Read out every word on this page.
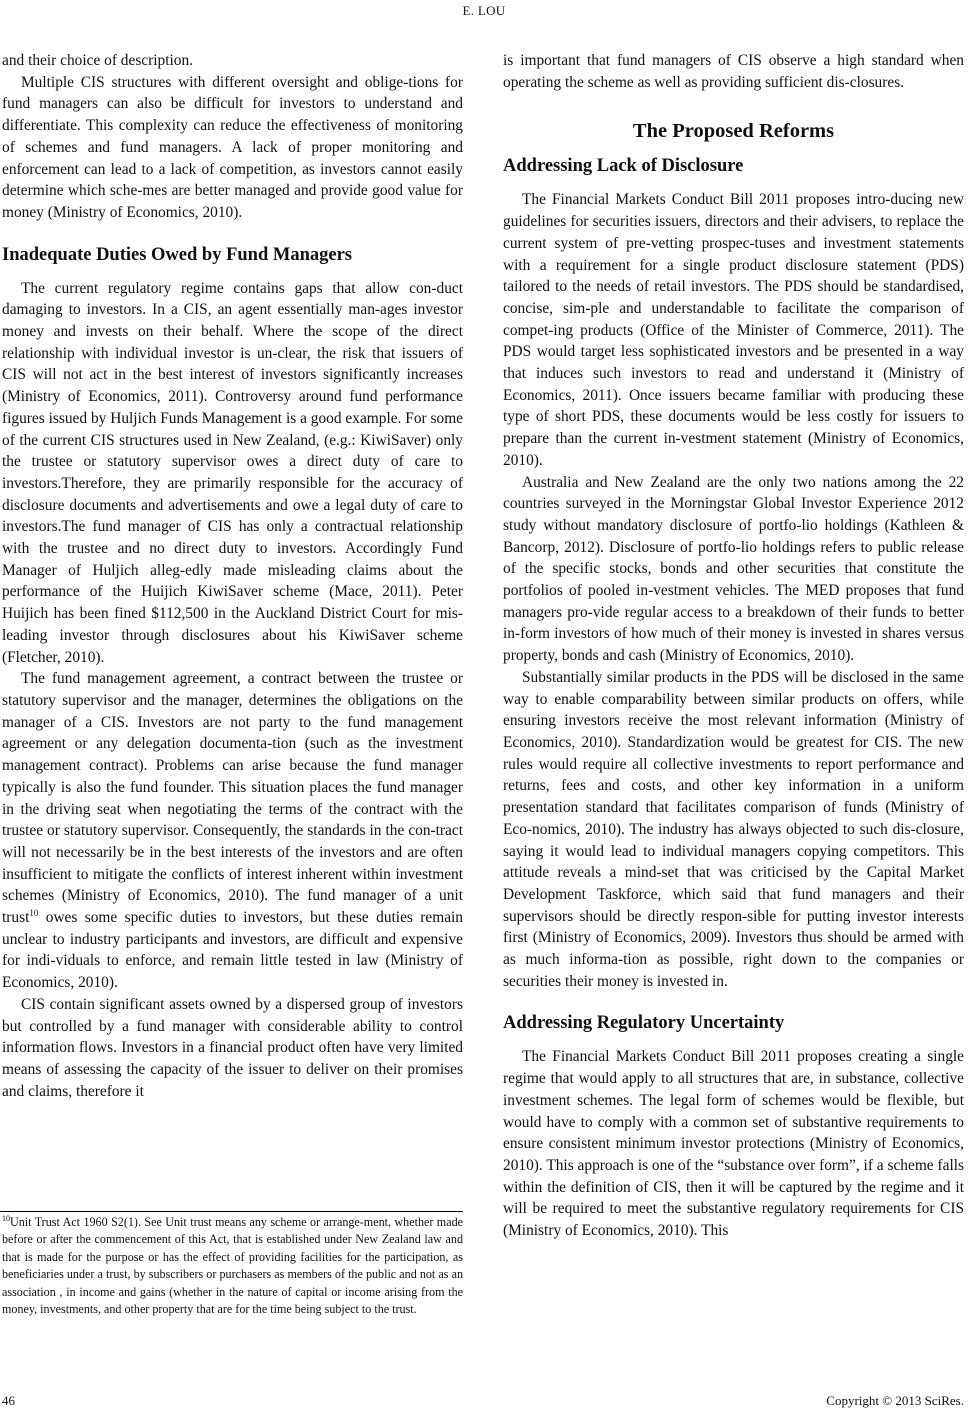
E. LOU

and their choice of description.

Multiple CIS structures with different oversight and oblige-tions for fund managers can also be difficult for investors to understand and differentiate. This complexity can reduce the effectiveness of monitoring of schemes and fund managers. A lack of proper monitoring and enforcement can lead to a lack of competition, as investors cannot easily determine which sche-mes are better managed and provide good value for money (Ministry of Economics, 2010).

Inadequate Duties Owed by Fund Managers

The current regulatory regime contains gaps that allow con-duct damaging to investors. In a CIS, an agent essentially man-ages investor money and invests on their behalf. Where the scope of the direct relationship with individual investor is un-clear, the risk that issuers of CIS will not act in the best interest of investors significantly increases (Ministry of Economics, 2011). Controversy around fund performance figures issued by Huljich Funds Management is a good example. For some of the current CIS structures used in New Zealand, (e.g.: KiwiSaver) only the trustee or statutory supervisor owes a direct duty of care to investors.Therefore, they are primarily responsible for the accuracy of disclosure documents and advertisements and owe a legal duty of care to investors.The fund manager of CIS has only a contractual relationship with the trustee and no direct duty to investors. Accordingly Fund Manager of Huljich alleg-edly made misleading claims about the performance of the Huijich KiwiSaver scheme (Mace, 2011). Peter Huijich has been fined $112,500 in the Auckland District Court for mis-leading investor through disclosures about his KiwiSaver scheme (Fletcher, 2010).

The fund management agreement, a contract between the trustee or statutory supervisor and the manager, determines the obligations on the manager of a CIS. Investors are not party to the fund management agreement or any delegation documenta-tion (such as the investment management contract). Problems can arise because the fund manager typically is also the fund founder. This situation places the fund manager in the driving seat when negotiating the terms of the contract with the trustee or statutory supervisor. Consequently, the standards in the con-tract will not necessarily be in the best interests of the investors and are often insufficient to mitigate the conflicts of interest inherent within investment schemes (Ministry of Economics, 2010). The fund manager of a unit trust$^{10}$ owes some specific duties to investors, but these duties remain unclear to industry participants and investors, are difficult and expensive for indi-viduals to enforce, and remain little tested in law (Ministry of Economics, 2010).

CIS contain significant assets owned by a dispersed group of investors but controlled by a fund manager with considerable ability to control information flows. Investors in a financial product often have very limited means of assessing the capacity of the issuer to deliver on their promises and claims, therefore it

is important that fund managers of CIS observe a high standard when operating the scheme as well as providing sufficient dis-closures.

The Proposed Reforms
Addressing Lack of Disclosure

The Financial Markets Conduct Bill 2011 proposes intro-ducing new guidelines for securities issuers, directors and their advisers, to replace the current system of pre-vetting prospec-tuses and investment statements with a requirement for a single product disclosure statement (PDS) tailored to the needs of retail investors. The PDS should be standardised, concise, sim-ple and understandable to facilitate the comparison of compet-ing products (Office of the Minister of Commerce, 2011). The PDS would target less sophisticated investors and be presented in a way that induces such investors to read and understand it (Ministry of Economics, 2011). Once issuers became familiar with producing these type of short PDS, these documents would be less costly for issuers to prepare than the current in-vestment statement (Ministry of Economics, 2010).

Australia and New Zealand are the only two nations among the 22 countries surveyed in the Morningstar Global Investor Experience 2012 study without mandatory disclosure of portfo-lio holdings (Kathleen & Bancorp, 2012). Disclosure of portfo-lio holdings refers to public release of the specific stocks, bonds and other securities that constitute the portfolios of pooled in-vestment vehicles. The MED proposes that fund managers pro-vide regular access to a breakdown of their funds to better in-form investors of how much of their money is invested in shares versus property, bonds and cash (Ministry of Economics, 2010).

Substantially similar products in the PDS will be disclosed in the same way to enable comparability between similar products on offers, while ensuring investors receive the most relevant information (Ministry of Economics, 2010). Standardization would be greatest for CIS. The new rules would require all collective investments to report performance and returns, fees and costs, and other key information in a uniform presentation standard that facilitates comparison of funds (Ministry of Eco-nomics, 2010). The industry has always objected to such dis-closure, saying it would lead to individual managers copying competitors. This attitude reveals a mind-set that was criticised by the Capital Market Development Taskforce, which said that fund managers and their supervisors should be directly respon-sible for putting investor interests first (Ministry of Economics, 2009). Investors thus should be armed with as much informa-tion as possible, right down to the companies or securities their money is invested in.

Addressing Regulatory Uncertainty

The Financial Markets Conduct Bill 2011 proposes creating a single regime that would apply to all structures that are, in substance, collective investment schemes. The legal form of schemes would be flexible, but would have to comply with a common set of substantive requirements to ensure consistent minimum investor protections (Ministry of Economics, 2010). This approach is one of the “substance over form”, if a scheme falls within the definition of CIS, then it will be captured by the regime and it will be required to meet the substantive regulatory requirements for CIS (Ministry of Economics, 2010). This

$^{10}$Unit Trust Act 1960 S2(1). See Unit trust means any scheme or arrange-ment, whether made before or after the commencement of this Act, that is established under New Zealand law and that is made for the purpose or has the effect of providing facilities for the participation, as beneficiaries under a trust, by subscribers or purchasers as members of the public and not as an association , in income and gains (whether in the nature of capital or income arising from the money, investments, and other property that are for the time being subject to the trust.
46	Copyright © 2013 SciRes.
